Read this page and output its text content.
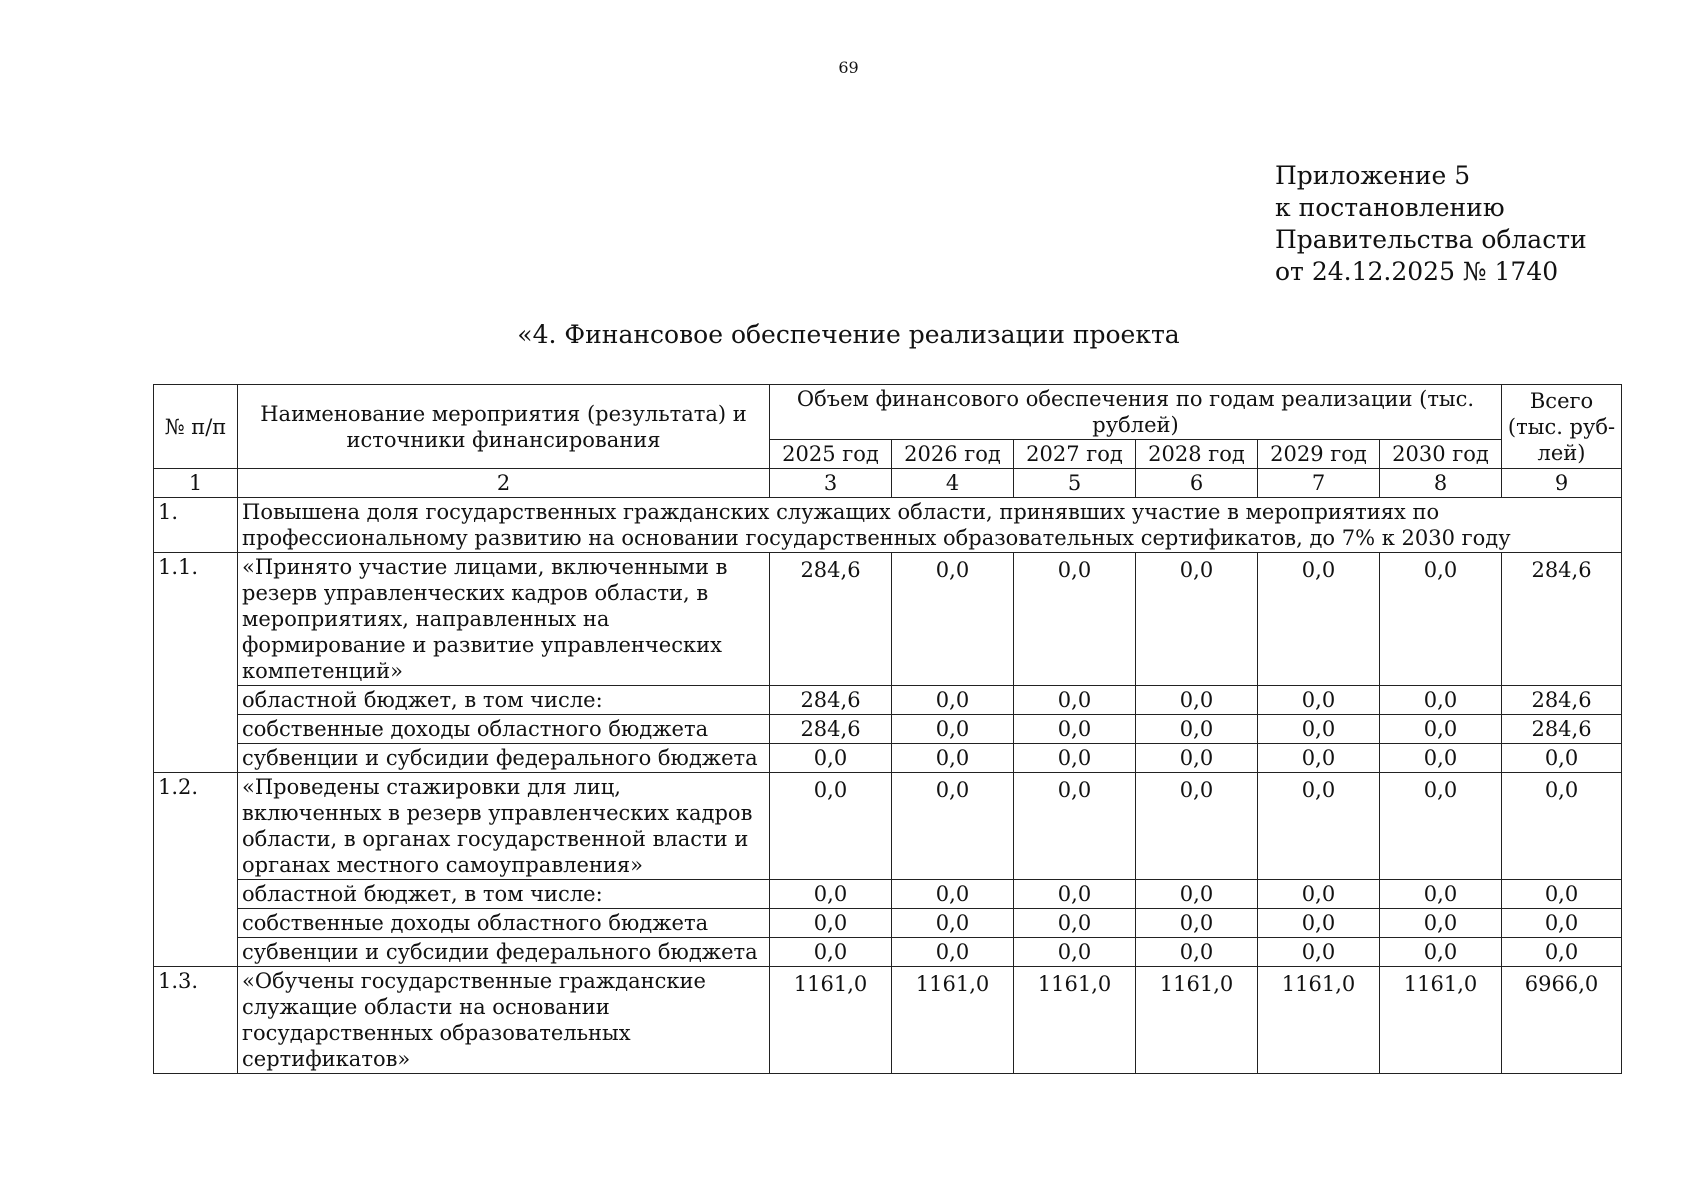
69
Приложение 5
к постановлению
Правительства области
от 24.12.2025 № 1740
«4. Финансовое обеспечение реализации проекта
№ п/п	Наименование мероприятия (результата) и источники финансирования	Объем финансового обеспечения по годам реализации (тыс. рублей)						Всего (тыс. руб-лей)
		2025 год	2026 год	2027 год	2028 год	2029 год	2030 год	
1	2	3	4	5	6	7	8	9
1.	Повышена доля государственных гражданских служащих области, принявших участие в мероприятиях по профессиональному развитию на основании государственных образовательных сертификатов, до 7% к 2030 году							
1.1.	«Принято участие лицами, включенными в резерв управленческих кадров области, в мероприятиях, направленных на формирование и развитие управленческих компетенций»	284,6	0,0	0,0	0,0	0,0	0,0	284,6
	областной бюджет, в том числе:	284,6	0,0	0,0	0,0	0,0	0,0	284,6
	собственные доходы областного бюджета	284,6	0,0	0,0	0,0	0,0	0,0	284,6
	субвенции и субсидии федерального бюджета	0,0	0,0	0,0	0,0	0,0	0,0	0,0
1.2.	«Проведены стажировки для лиц, включенных в резерв управленческих кадров области, в органах государственной власти и органах местного самоуправления»	0,0	0,0	0,0	0,0	0,0	0,0	0,0
	областной бюджет, в том числе:	0,0	0,0	0,0	0,0	0,0	0,0	0,0
	собственные доходы областного бюджета	0,0	0,0	0,0	0,0	0,0	0,0	0,0
	субвенции и субсидии федерального бюджета	0,0	0,0	0,0	0,0	0,0	0,0	0,0
1.3.	«Обучены государственные гражданские служащие области на основании государственных образовательных сертификатов»	1161,0	1161,0	1161,0	1161,0	1161,0	1161,0	6966,0
